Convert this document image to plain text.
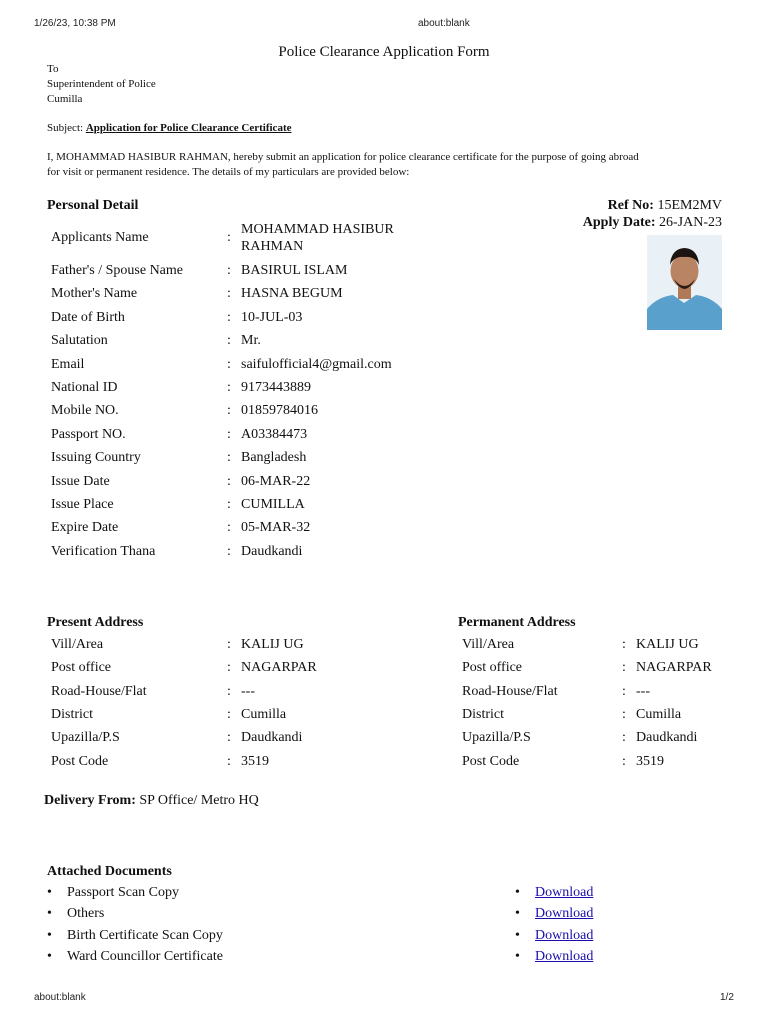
1/26/23, 10:38 PM	about:blank
Police Clearance Application Form
To
Superintendent of Police
Cumilla
Subject: Application for Police Clearance Certificate
I, MOHAMMAD HASIBUR RAHMAN, hereby submit an application for police clearance certificate for the purpose of going abroad
for visit or permanent residence. The details of my particulars are provided below:
Ref No: 15EM2MV
Apply Date: 26-JAN-23
Personal Detail
Applicants Name	:
MOHAMMAD HASIBUR
RAHMAN
Father's / Spouse Name	: BASIRUL ISLAM
Mother's Name	: HASNA BEGUM
Date of Birth	: 10-JUL-03
Salutation	: Mr.
Email	: saifulofficial4@gmail.com
National ID	: 9173443889
Mobile NO.	: 01859784016
Passport NO.	: A03384473
Issuing Country	: Bangladesh
Issue Date	: 06-MAR-22
Issue Place	: CUMILLA
Expire Date	: 05-MAR-32
Verification Thana	: Daudkandi
Present Address
Vill/Area	: KALIJ UG
Post office	: NAGARPAR
Road-House/Flat	: ---
District	: Cumilla
Upazilla/P.S	: Daudkandi
Post Code	: 3519
Permanent Address
Vill/Area	: KALIJ UG
Post office	: NAGARPAR
Road-House/Flat	: ---
District	: Cumilla
Upazilla/P.S	: Daudkandi
Post Code	: 3519
Delivery From: SP Office/ Metro HQ
Attached Documents
• Passport Scan Copy	• Download
• Others	• Download
• Birth Certificate Scan Copy	• Download
• Ward Councillor Certificate	• Download
about:blank	1/2
